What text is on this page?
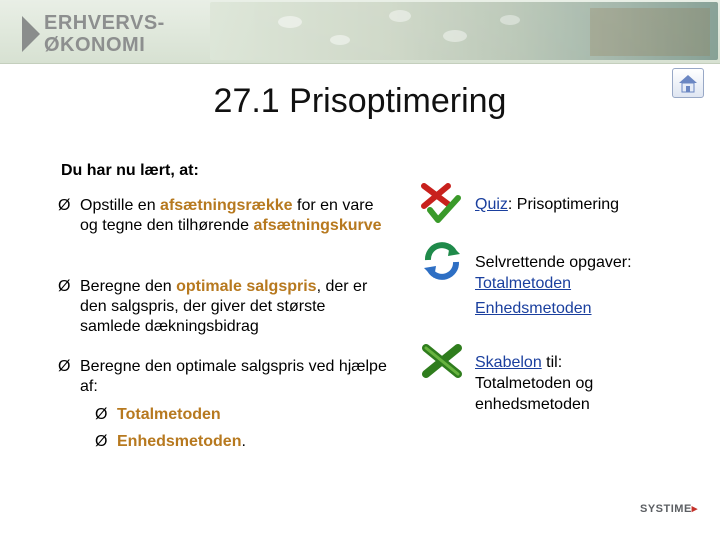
ERHVERVS-
ØKONOMI
27.1 Prisoptimering
Du har nu lært, at:
Ø Opstille en afsætningsrække for en vare og tegne den tilhørende afsætningskurve
Ø Beregne den optimale salgspris, der er den salgspris, der giver det største samlede dækningsbidrag
Ø Beregne den optimale salgspris ved hjælpe af:
Ø Totalmetoden
Ø Enhedsmetoden.
Quiz: Prisoptimering
Selvrettende opgaver:
Totalmetoden
Enhedsmetoden
Skabelon til:
Totalmetoden og
enhedsmetoden
SYSTIME▸
